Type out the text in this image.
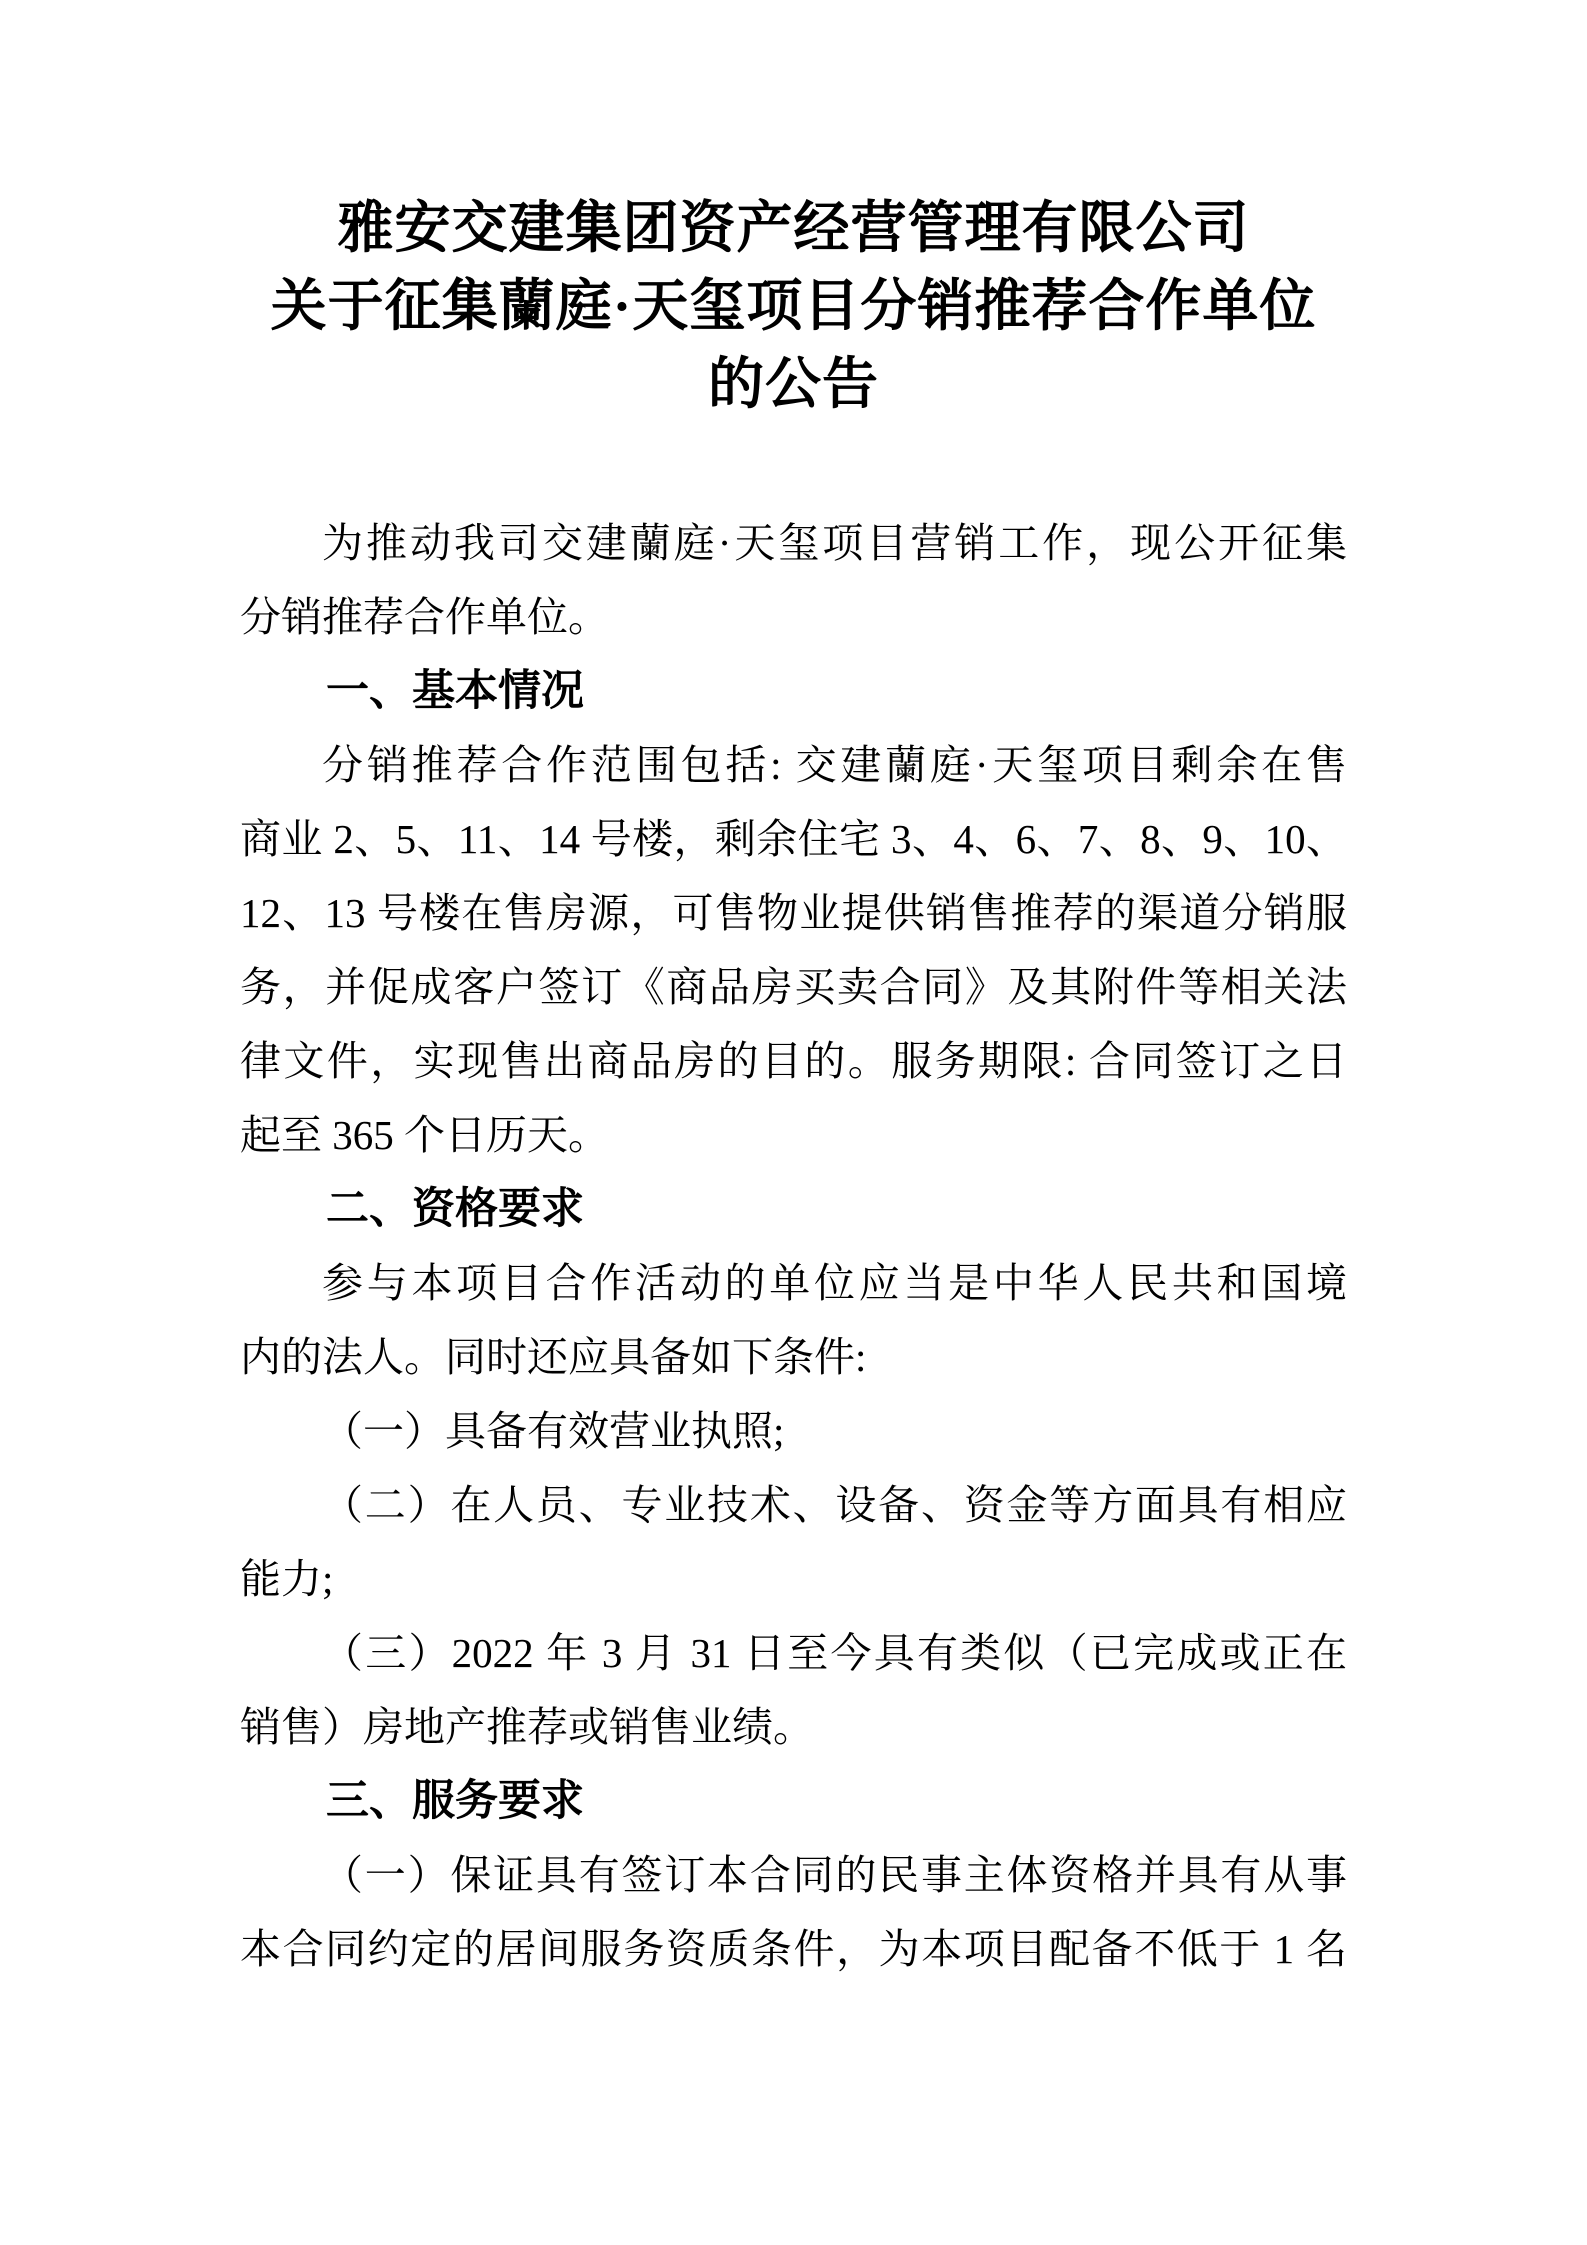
雅安交建集团资产经营管理有限公司
关于征集蘭庭·天玺项目分销推荐合作单位
的公告
为推动我司交建蘭庭·天玺项目营销工作，现公开征集
分销推荐合作单位。
一、基本情况
分销推荐合作范围包括: 交建蘭庭·天玺项目剩余在售
商业 2、5、11、14 号楼，剩余住宅 3、4、6、7、8、9、10、
12、13 号楼在售房源，可售物业提供销售推荐的渠道分销服
务，并促成客户签订《商品房买卖合同》及其附件等相关法
律文件，实现售出商品房的目的。服务期限: 合同签订之日
起至 365 个日历天。
二、资格要求
参与本项目合作活动的单位应当是中华人民共和国境
内的法人。同时还应具备如下条件:
（一）具备有效营业执照;
（二）在人员、专业技术、设备、资金等方面具有相应
能力;
（三）2022 年 3 月 31 日至今具有类似（已完成或正在
销售）房地产推荐或销售业绩。
三、服务要求
（一）保证具有签订本合同的民事主体资格并具有从事
本合同约定的居间服务资质条件，为本项目配备不低于 1 名
